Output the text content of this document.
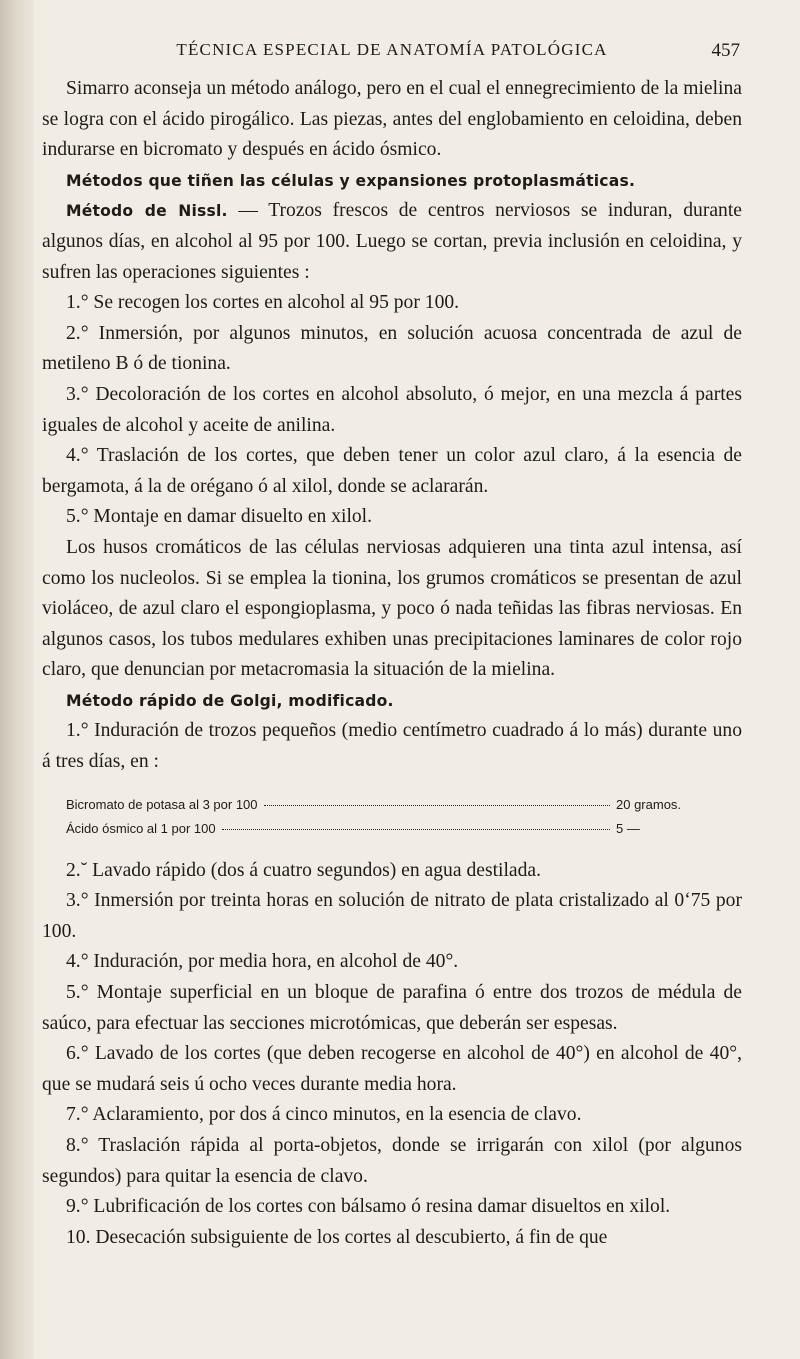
TÉCNICA ESPECIAL DE ANATOMÍA PATOLÓGICA	457

Simarro aconseja un método análogo, pero en el cual el ennegrecimiento de la mielina se logra con el ácido pirogálico. Las piezas, antes del englobamiento en celoidina, deben indurarse en bicromato y después en ácido ósmico.

Métodos que tiñen las células y expansiones protoplasmáticas.

Método de Nissl. — Trozos frescos de centros nerviosos se induran, durante algunos días, en alcohol al 95 por 100. Luego se cortan, previa inclusión en celoidina, y sufren las operaciones siguientes :

1.° Se recogen los cortes en alcohol al 95 por 100.

2.° Inmersión, por algunos minutos, en solución acuosa concentrada de azul de metileno B ó de tionina.

3.° Decoloración de los cortes en alcohol absoluto, ó mejor, en una mezcla á partes iguales de alcohol y aceite de anilina.

4.° Traslación de los cortes, que deben tener un color azul claro, á la esencia de bergamota, á la de orégano ó al xilol, donde se aclararán.

5.° Montaje en damar disuelto en xilol.

Los husos cromáticos de las células nerviosas adquieren una tinta azul intensa, así como los nucleolos. Si se emplea la tionina, los grumos cromáticos se presentan de azul violáceo, de azul claro el espongioplasma, y poco ó nada teñidas las fibras nerviosas. En algunos casos, los tubos medulares exhiben unas precipitaciones laminares de color rojo claro, que denuncian por metacromasia la situación de la mielina.

Método rápido de Golgi, modificado.

1.° Induración de trozos pequeños (medio centímetro cuadrado á lo más) durante uno á tres días, en :

Bicromato de potasa al 3 por 100	20 gramos.
Ácido ósmico al 1 por 100	5 —

2.˘ Lavado rápido (dos á cuatro segundos) en agua destilada.

3.° Inmersión por treinta horas en solución de nitrato de plata cristalizado al 0‘75 por 100.

4.° Induración, por media hora, en alcohol de 40°.

5.° Montaje superficial en un bloque de parafina ó entre dos trozos de médula de saúco, para efectuar las secciones microtómicas, que deberán ser espesas.

6.° Lavado de los cortes (que deben recogerse en alcohol de 40°) en alcohol de 40°, que se mudará seis ú ocho veces durante media hora.

7.° Aclaramiento, por dos á cinco minutos, en la esencia de clavo.

8.° Traslación rápida al porta-objetos, donde se irrigarán con xilol (por algunos segundos) para quitar la esencia de clavo.

9.° Lubrificación de los cortes con bálsamo ó resina damar disueltos en xilol.

10. Desecación subsiguiente de los cortes al descubierto, á fin de que
